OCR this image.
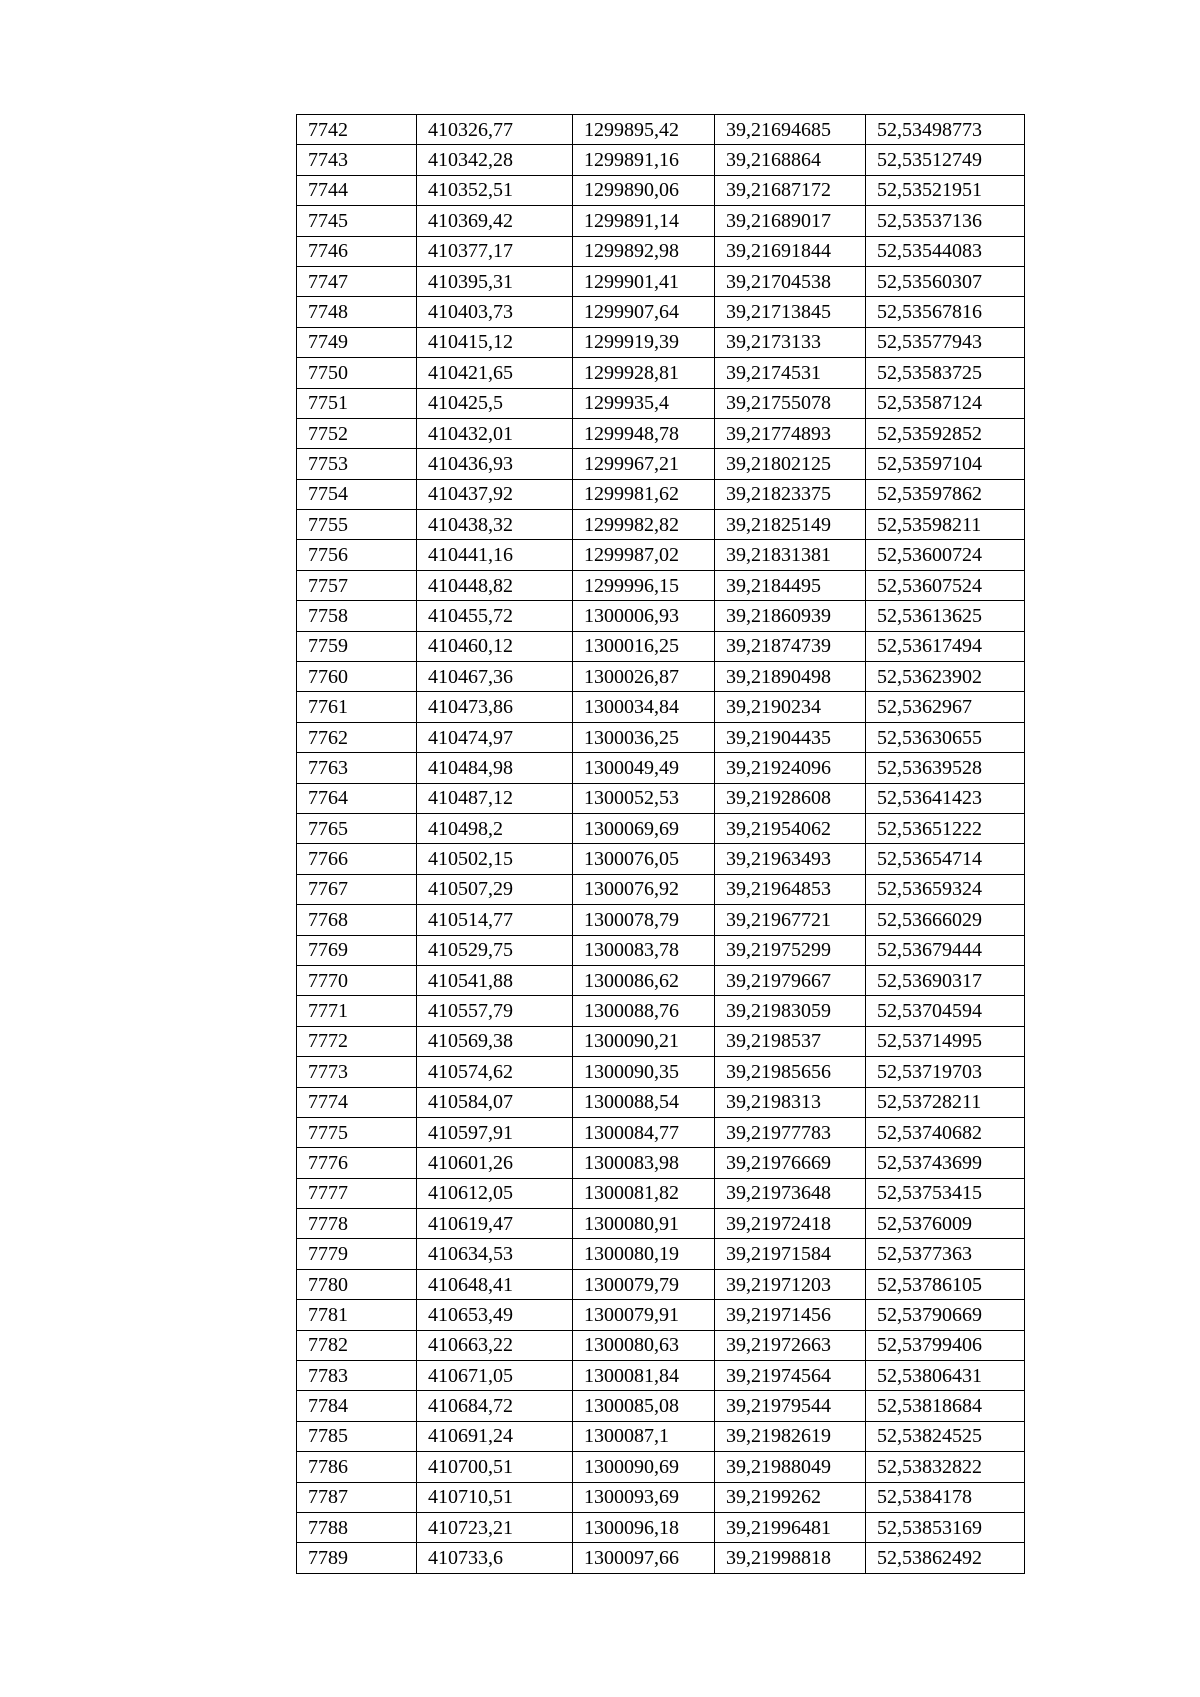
7742	410326,77	1299895,42	39,21694685	52,53498773
7743	410342,28	1299891,16	39,2168864	52,53512749
7744	410352,51	1299890,06	39,21687172	52,53521951
7745	410369,42	1299891,14	39,21689017	52,53537136
7746	410377,17	1299892,98	39,21691844	52,53544083
7747	410395,31	1299901,41	39,21704538	52,53560307
7748	410403,73	1299907,64	39,21713845	52,53567816
7749	410415,12	1299919,39	39,2173133	52,53577943
7750	410421,65	1299928,81	39,2174531	52,53583725
7751	410425,5	1299935,4	39,21755078	52,53587124
7752	410432,01	1299948,78	39,21774893	52,53592852
7753	410436,93	1299967,21	39,21802125	52,53597104
7754	410437,92	1299981,62	39,21823375	52,53597862
7755	410438,32	1299982,82	39,21825149	52,53598211
7756	410441,16	1299987,02	39,21831381	52,53600724
7757	410448,82	1299996,15	39,2184495	52,53607524
7758	410455,72	1300006,93	39,21860939	52,53613625
7759	410460,12	1300016,25	39,21874739	52,53617494
7760	410467,36	1300026,87	39,21890498	52,53623902
7761	410473,86	1300034,84	39,2190234	52,5362967
7762	410474,97	1300036,25	39,21904435	52,53630655
7763	410484,98	1300049,49	39,21924096	52,53639528
7764	410487,12	1300052,53	39,21928608	52,53641423
7765	410498,2	1300069,69	39,21954062	52,53651222
7766	410502,15	1300076,05	39,21963493	52,53654714
7767	410507,29	1300076,92	39,21964853	52,53659324
7768	410514,77	1300078,79	39,21967721	52,53666029
7769	410529,75	1300083,78	39,21975299	52,53679444
7770	410541,88	1300086,62	39,21979667	52,53690317
7771	410557,79	1300088,76	39,21983059	52,53704594
7772	410569,38	1300090,21	39,2198537	52,53714995
7773	410574,62	1300090,35	39,21985656	52,53719703
7774	410584,07	1300088,54	39,2198313	52,53728211
7775	410597,91	1300084,77	39,21977783	52,53740682
7776	410601,26	1300083,98	39,21976669	52,53743699
7777	410612,05	1300081,82	39,21973648	52,53753415
7778	410619,47	1300080,91	39,21972418	52,5376009
7779	410634,53	1300080,19	39,21971584	52,5377363
7780	410648,41	1300079,79	39,21971203	52,53786105
7781	410653,49	1300079,91	39,21971456	52,53790669
7782	410663,22	1300080,63	39,21972663	52,53799406
7783	410671,05	1300081,84	39,21974564	52,53806431
7784	410684,72	1300085,08	39,21979544	52,53818684
7785	410691,24	1300087,1	39,21982619	52,53824525
7786	410700,51	1300090,69	39,21988049	52,53832822
7787	410710,51	1300093,69	39,2199262	52,5384178
7788	410723,21	1300096,18	39,21996481	52,53853169
7789	410733,6	1300097,66	39,21998818	52,53862492
